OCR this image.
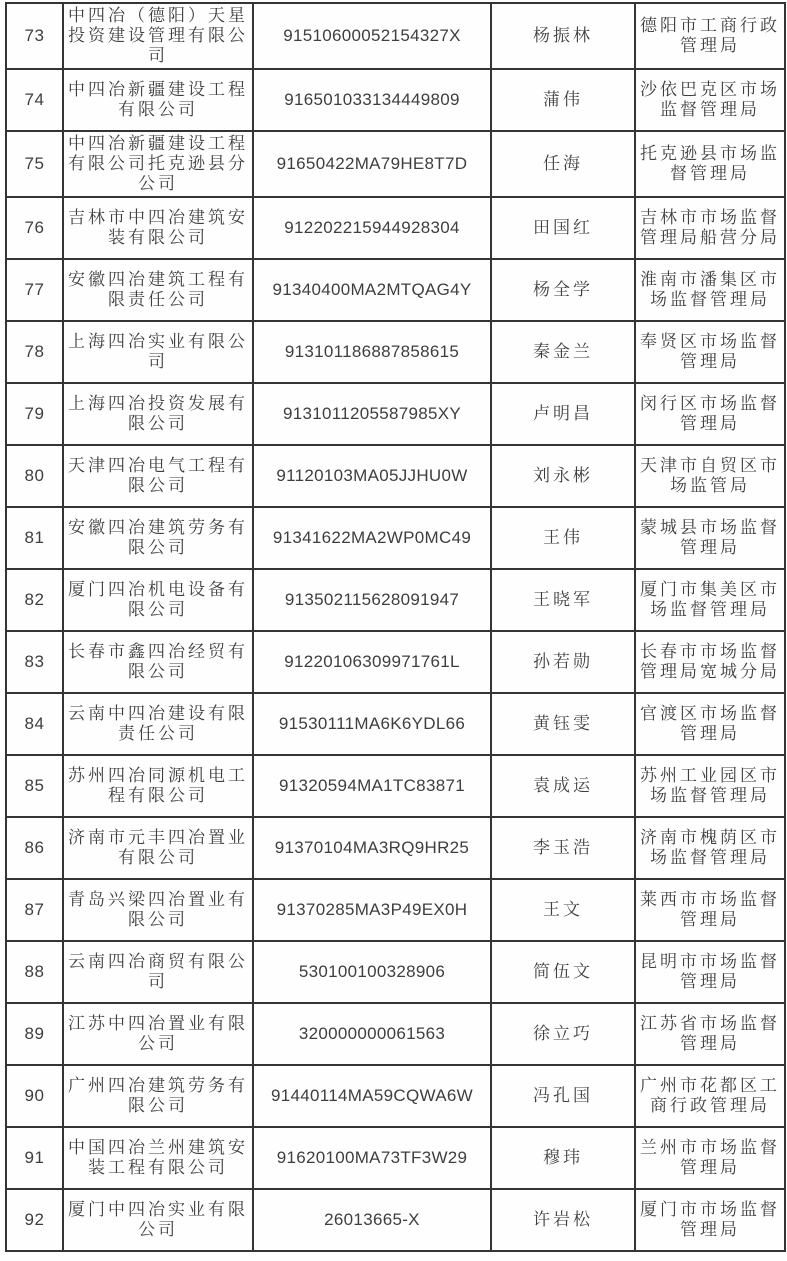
73	中四冶（德阳）天星投资建设管理有限公司	91510600052154327X	杨振林	德阳市工商行政管理局
74	中四冶新疆建设工程有限公司	916501033134449809	蒲伟	沙依巴克区市场监督管理局
75	中四冶新疆建设工程有限公司托克逊县分公司	91650422MA79HE8T7D	任海	托克逊县市场监督管理局
76	吉林市中四冶建筑安装有限公司	912202215944928304	田国红	吉林市市场监督管理局船营分局
77	安徽四冶建筑工程有限责任公司	91340400MA2MTQAG4Y	杨全学	淮南市潘集区市场监督管理局
78	上海四冶实业有限公司	913101186887858615	秦金兰	奉贤区市场监督管理局
79	上海四冶投资发展有限公司	9131011205587985XY	卢明昌	闵行区市场监督管理局
80	天津四冶电气工程有限公司	91120103MA05JJHU0W	刘永彬	天津市自贸区市场监管局
81	安徽四冶建筑劳务有限公司	91341622MA2WP0MC49	王伟	蒙城县市场监督管理局
82	厦门四冶机电设备有限公司	913502115628091947	王晓军	厦门市集美区市场监督管理局
83	长春市鑫四冶经贸有限公司	91220106309971761L	孙若勋	长春市市场监督管理局宽城分局
84	云南中四冶建设有限责任公司	91530111MA6K6YDL66	黄钰雯	官渡区市场监督管理局
85	苏州四冶同源机电工程有限公司	91320594MA1TC83871	袁成运	苏州工业园区市场监督管理局
86	济南市元丰四冶置业有限公司	91370104MA3RQ9HR25	李玉浩	济南市槐荫区市场监督管理局
87	青岛兴梁四冶置业有限公司	91370285MA3P49EX0H	王文	莱西市市场监督管理局
88	云南四冶商贸有限公司	530100100328906	简伍文	昆明市市场监督管理局
89	江苏中四冶置业有限公司	320000000061563	徐立巧	江苏省市场监督管理局
90	广州四冶建筑劳务有限公司	91440114MA59CQWA6W	冯孔国	广州市花都区工商行政管理局
91	中国四冶兰州建筑安装工程有限公司	91620100MA73TF3W29	穆玮	兰州市市场监督管理局
92	厦门中四冶实业有限公司	26013665-X	许岩松	厦门市市场监督管理局
